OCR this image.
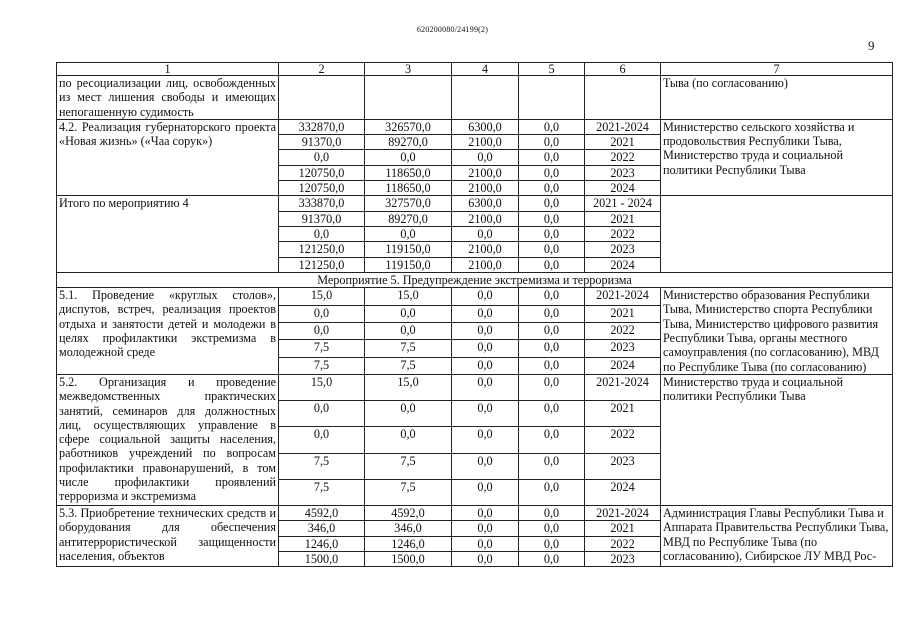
620200080/24199(2)
9
1	2	3	4	5	6	7
по ресоциализации лиц, освобожденных из мест лишения свободы и имеющих непогашенную судимость						Тыва (по согласованию)
4.2. Реализация губернаторского проекта «Новая жизнь» («Чаа сорук»)	332870,0	326570,0	6300,0	0,0	2021-2024	Министерство сельского хозяйства и продовольствия Республики Тыва, Министерство труда и социальной политики Республики Тыва
	91370,0	89270,0	2100,0	0,0	2021	
	0,0	0,0	0,0	0,0	2022	
	120750,0	118650,0	2100,0	0,0	2023	
	120750,0	118650,0	2100,0	0,0	2024	
Итого по мероприятию 4	333870,0	327570,0	6300,0	0,0	2021 - 2024	
	91370,0	89270,0	2100,0	0,0	2021	
	0,0	0,0	0,0	0,0	2022	
	121250,0	119150,0	2100,0	0,0	2023	
	121250,0	119150,0	2100,0	0,0	2024	
Мероприятие 5. Предупреждение экстремизма и терроризма						
5.1. Проведение «круглых столов», диспутов, встреч, реализация проектов отдыха и занятости детей и молодежи в целях профилактики экстремизма в молодежной среде	15,0	15,0	0,0	0,0	2021-2024	Министерство образования Республики Тыва, Министерство спорта Республики Тыва, Министерство цифрового развития Республики Тыва, органы местного самоуправления (по согласованию), МВД по Республике Тыва (по согласованию)
	0,0	0,0	0,0	0,0	2021	
	0,0	0,0	0,0	0,0	2022	
	7,5	7,5	0,0	0,0	2023	
	7,5	7,5	0,0	0,0	2024	
5.2. Организация и проведение межведомственных практических занятий, семинаров для должностных лиц, осуществляющих управление в сфере социальной защиты населения, работников учреждений по вопросам профилактики правонарушений, в том числе профилактики проявлений терроризма и экстремизма	15,0	15,0	0,0	0,0	2021-2024	Министерство труда и социальной политики Республики Тыва
	0,0	0,0	0,0	0,0	2021	
	0,0	0,0	0,0	0,0	2022	
	7,5	7,5	0,0	0,0	2023	
	7,5	7,5	0,0	0,0	2024	
5.3. Приобретение технических средств и оборудования для обеспечения антитеррористической защищенности населения, объектов	4592,0	4592,0	0,0	0,0	2021-2024	Администрация Главы Республики Тыва и Аппарата Правительства Республики Тыва, МВД по Республике Тыва (по согласованию), Сибирское ЛУ МВД Рос-
	346,0	346,0	0,0	0,0	2021	
	1246,0	1246,0	0,0	0,0	2022	
	1500,0	1500,0	0,0	0,0	2023	
